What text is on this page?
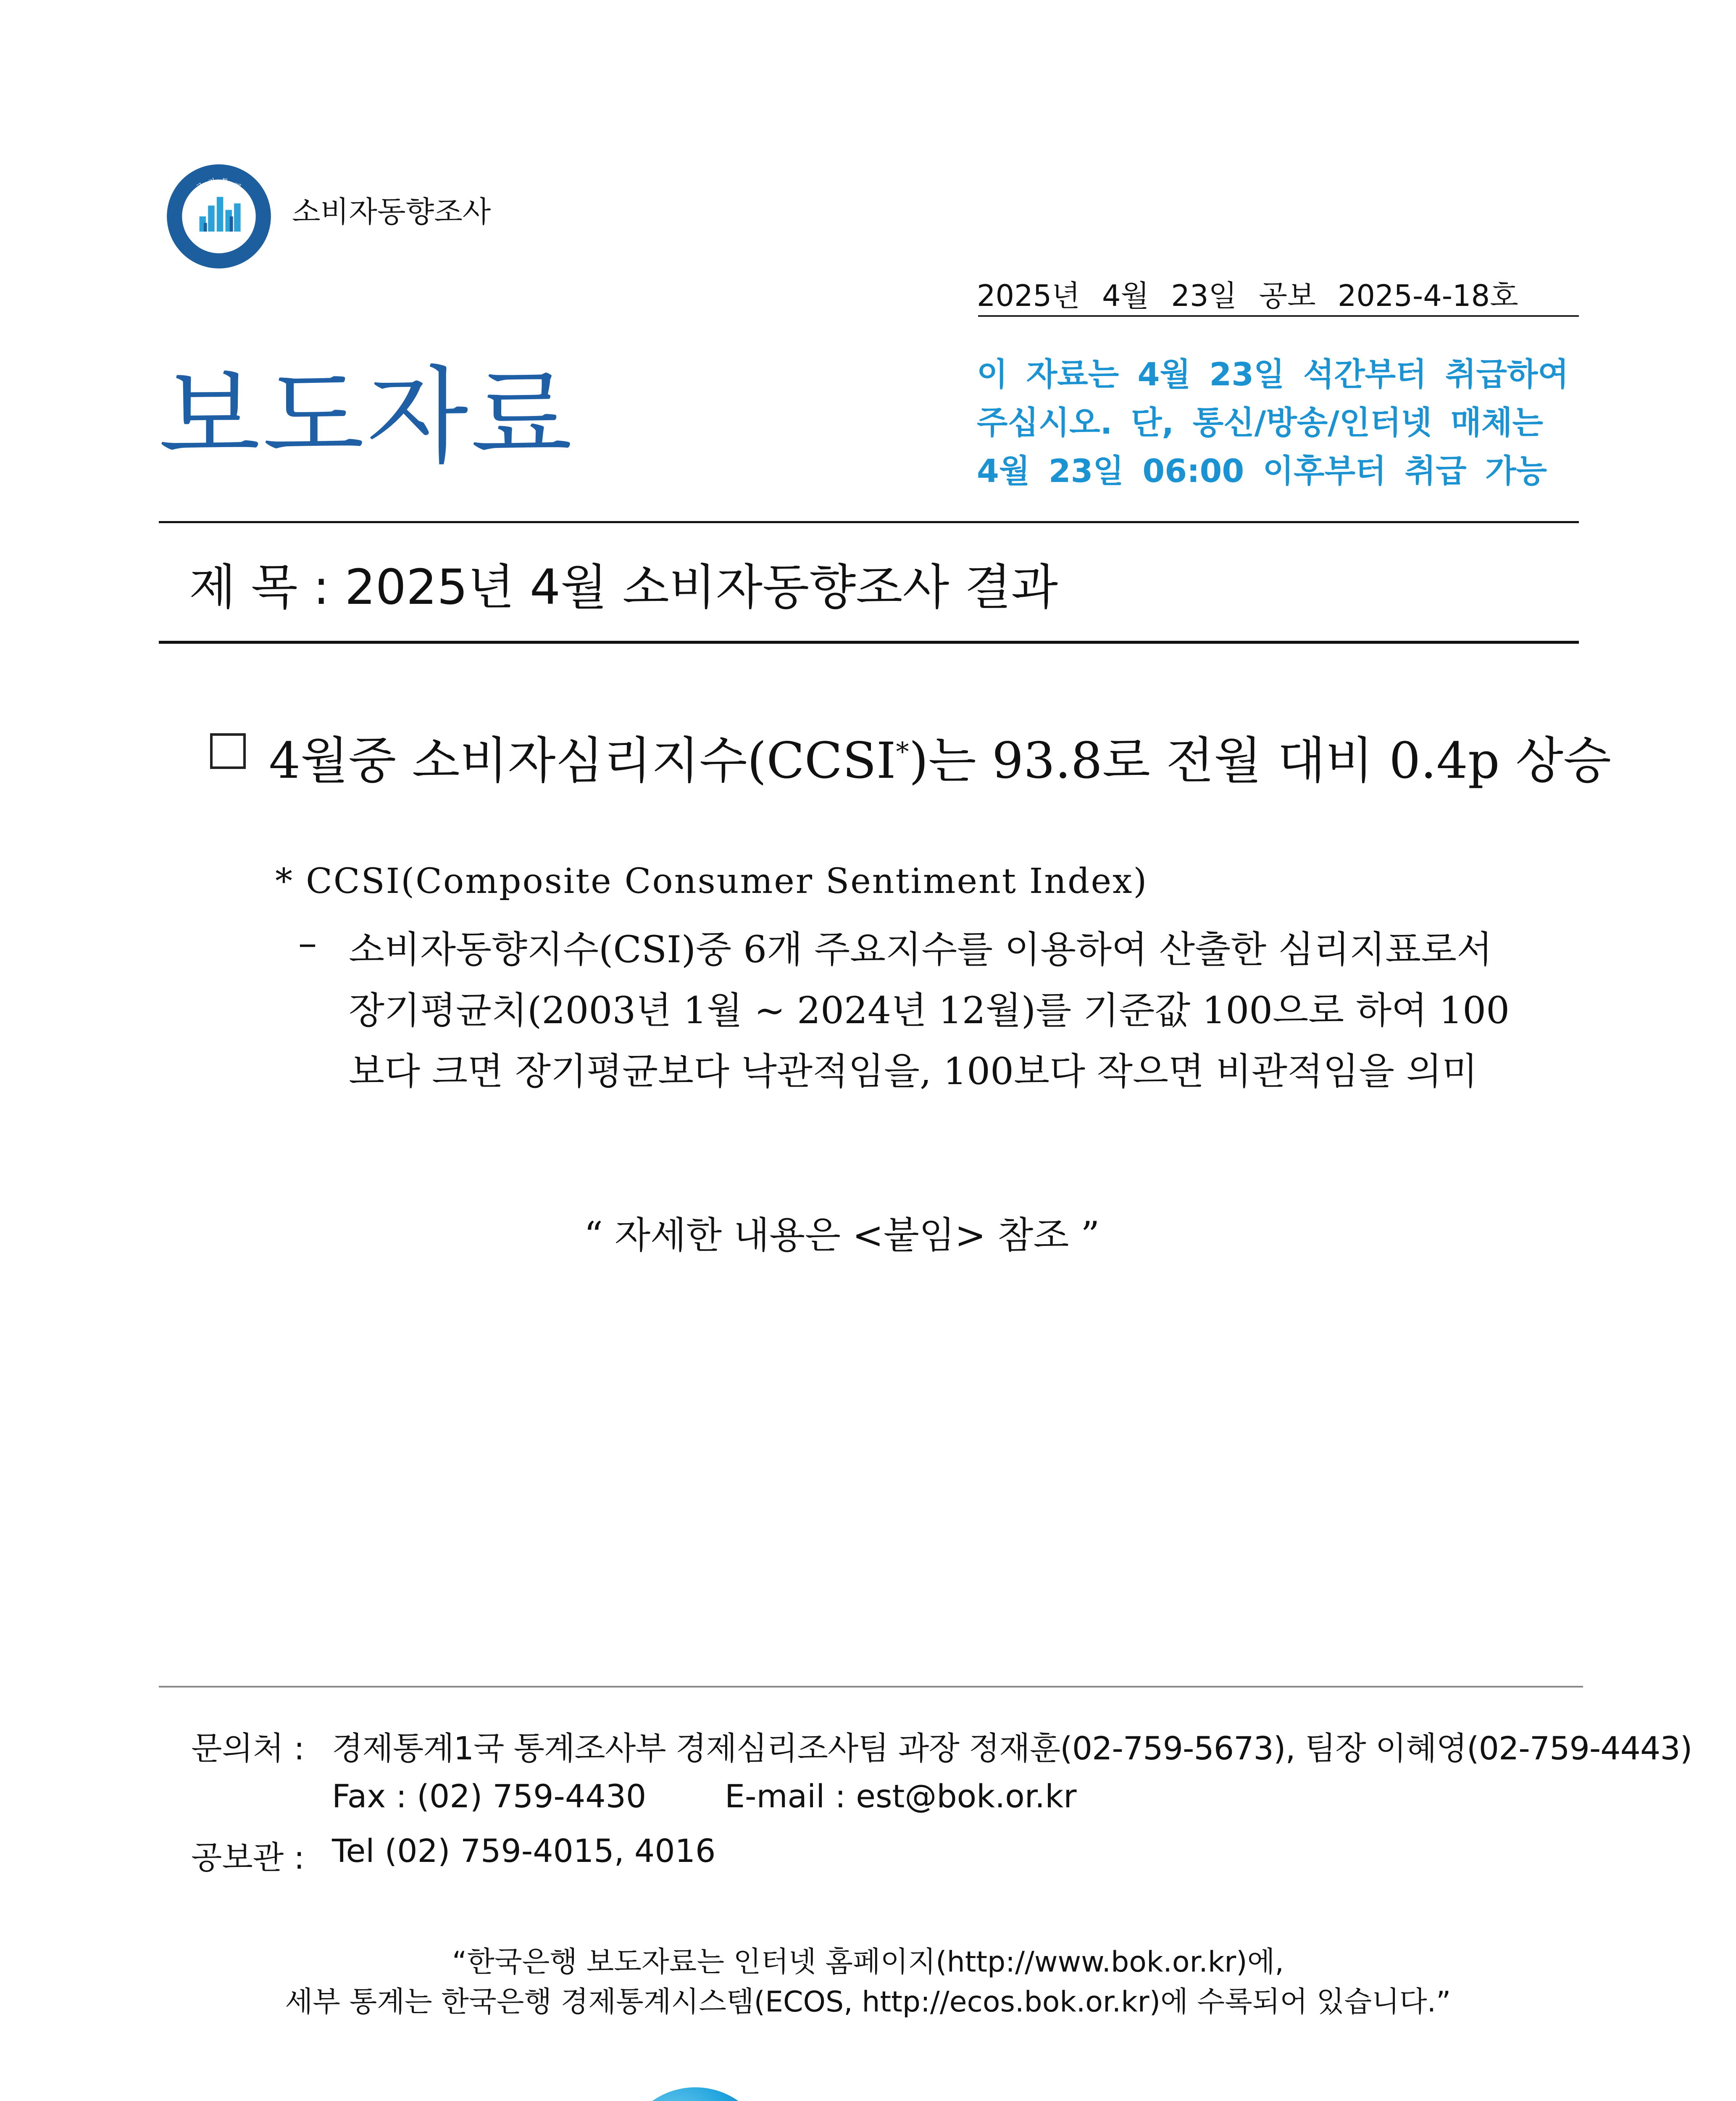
국 가 통 계
NATIONAL STATISTICS
소비자동향조사
2025년 4월 23일 공보 2025-4-18호
보도자료	이 자료는 4월 23일 석간부터 취급하여
주십시오. 단, 통신/방송/인터넷 매체는
4월 23일 06:00 이후부터 취급 가능
제 목 : 2025년 4월 소비자동향조사 결과
4월중 소비자심리지수(CCSI*)는 93.8로 전월 대비 0.4p 상승
* CCSI(Composite Consumer Sentiment Index)
– 소비자동향지수(CSI)중 6개 주요지수를 이용하여 산출한 심리지표로서
장기평균치(2003년 1월 ~ 2024년 12월)를 기준값 100으로 하여 100
보다 크면 장기평균보다 낙관적임을, 100보다 작으면 비관적임을 의미
“ 자세한 내용은 <붙임> 참조 ”
문의처 : 경제통계1국 통계조사부 경제심리조사팀 과장 정재훈(02-759-5673), 팀장 이혜영(02-759-4443)
Fax : (02) 759-4430 E-mail : est@bok.or.kr
공보관 : Tel (02) 759-4015, 4016
“한국은행 보도자료는 인터넷 홈페이지(http://www.bok.or.kr)에,
세부 통계는 한국은행 경제통계시스템(ECOS, http://ecos.bok.or.kr)에 수록되어 있습니다.”
